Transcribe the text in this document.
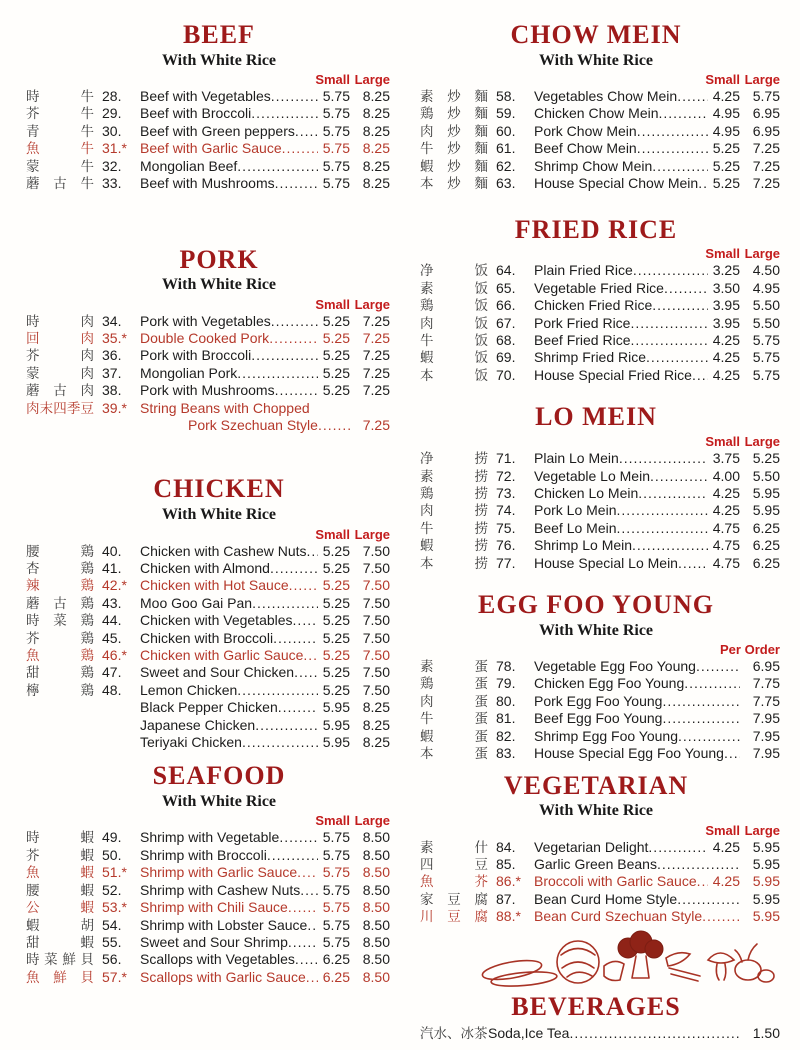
BEEF
With White Rice
Small Large
時	牛 28.	Beef with Vegetables .....	5.75 8.25
芥	牛 29.	Beef with Broccoli .....	5.75 8.25
青	牛 30.	Beef with Green peppers .....	5.75 8.25
魚	牛 31.* Beef with Garlic Sauce .....	5.75 8.25
蒙	牛 32.	Mongolian Beef .....	5.75 8.25
蘑 古 牛 33.	Beef with Mushrooms .....	5.75 8.25
PORK
With White Rice
Small Large
時	肉 34.	Pork with Vegetables .....	5.25 7.25
回	肉 35.* Double Cooked Pork .....	5.25 7.25
芥	肉 36.	Pork with Broccoli .....	5.25 7.25
蒙	肉 37.	Mongolian Pork .....	5.25 7.25
蘑 古 肉 38.	Pork with Mushrooms .....	5.25 7.25
肉 末 四 季 豆 39.* String Beans with Chopped
Pork Szechuan Style .....	7.25
CHICKEN
With White Rice
Small Large
腰	鶏 40.	Chicken with Cashew Nuts .....	5.25 7.50
杏	鶏 41.	Chicken with Almond .....	5.25 7.50
辣	鶏 42.* Chicken with Hot Sauce .....	5.25 7.50
蘑 古 鶏 43.	Moo Goo Gai Pan .....	5.25 7.50
時 菜 鶏 44.	Chicken with Vegetables .....	5.25 7.50
芥	鶏 45.	Chicken with Broccoli .....	5.25 7.50
魚	鶏 46.* Chicken with Garlic Sauce .....	5.25 7.50
甜	鶏 47.	Sweet and Sour Chicken .....	5.25 7.50
檸	鶏 48.	Lemon Chicken .....	5.25 7.50
Black Pepper Chicken .....	5.95 8.25
Japanese Chicken .....	5.95 8.25
Teriyaki Chicken .....	5.95 8.25
SEAFOOD
With White Rice
Small Large
時	蝦 49.	Shrimp with Vegetable .....	5.75 8.50
芥	蝦 50.	Shrimp with Broccoli .....	5.75 8.50
魚	蝦 51.* Shrimp with Garlic Sauce .....	5.75 8.50
腰	蝦 52.	Shrimp with Cashew Nuts .....	5.75 8.50
公	蝦 53.* Shrimp with Chili Sauce .....	5.75 8.50
蝦	胡 54.	Shrimp with Lobster Sauce .....	5.75 8.50
甜	蝦 55.	Sweet and Sour Shrimp .....	5.75 8.50
時 菜 鮮 貝 56.	Scallops with Vegetables .....	6.25 8.50
魚 鮮 貝 57.* Scallops with Garlic Sauce .....	6.25 8.50
CHOW MEIN
With White Rice
Small Large
素 炒 麵 58.	Vegetables Chow Mein .....	4.25 5.75
鶏 炒 麵 59.	Chicken Chow Mein .....	4.95 6.95
肉 炒 麵 60.	Pork Chow Mein .....	4.95 6.95
牛 炒 麵 61.	Beef Chow Mein .....	5.25 7.25
蝦 炒 麵 62.	Shrimp Chow Mein .....	5.25 7.25
本 炒 麵 63.	House Special Chow Mein .....	5.25 7.25
FRIED RICE
Small Large
净	饭 64.	Plain Fried Rice .....	3.25 4.50
素	饭 65.	Vegetable Fried Rice .....	3.50 4.95
鶏	饭 66.	Chicken Fried Rice .....	3.95 5.50
肉	饭 67.	Pork Fried Rice .....	3.95 5.50
牛	饭 68.	Beef Fried Rice .....	4.25 5.75
蝦	饭 69.	Shrimp Fried Rice .....	4.25 5.75
本	饭 70.	House Special Fried Rice .....	4.25 5.75
LO MEIN
Small Large
净	捞 71.	Plain Lo Mein .....	3.75 5.25
素	捞 72.	Vegetable Lo Mein .....	4.00 5.50
鶏	捞 73.	Chicken Lo Mein .....	4.25 5.95
肉	捞 74.	Pork Lo Mein .....	4.25 5.95
牛	捞 75.	Beef Lo Mein .....	4.75 6.25
蝦	捞 76.	Shrimp Lo Mein .....	4.75 6.25
本	捞 77.	House Special Lo Mein .....	4.75 6.25
EGG FOO YOUNG
With White Rice
Per Order
素	蛋 78.	Vegetable Egg Foo Young .....	6.95
鶏	蛋 79.	Chicken Egg Foo Young .....	7.75
肉	蛋 80.	Pork Egg Foo Young .....	7.75
牛	蛋 81.	Beef Egg Foo Young .....	7.95
蝦	蛋 82.	Shrimp Egg Foo Young .....	7.95
本	蛋 83.	House Special Egg Foo Young .....	7.95
VEGETARIAN
With White Rice
Small Large
素	什 84.	Vegetarian Delight .....	4.25 5.95
四	豆 85.	Garlic Green Beans .....	5.95
魚	芥 86.* Broccoli with Garlic Sauce .....	4.25 5.95
家 豆 腐 87.	Bean Curd Home Style .....	5.95
川 豆 腐 88.* Bean Curd Szechuan Style .....	5.95
BEVERAGES
汽水、冰茶 Soda,Ice Tea .....	1.50
